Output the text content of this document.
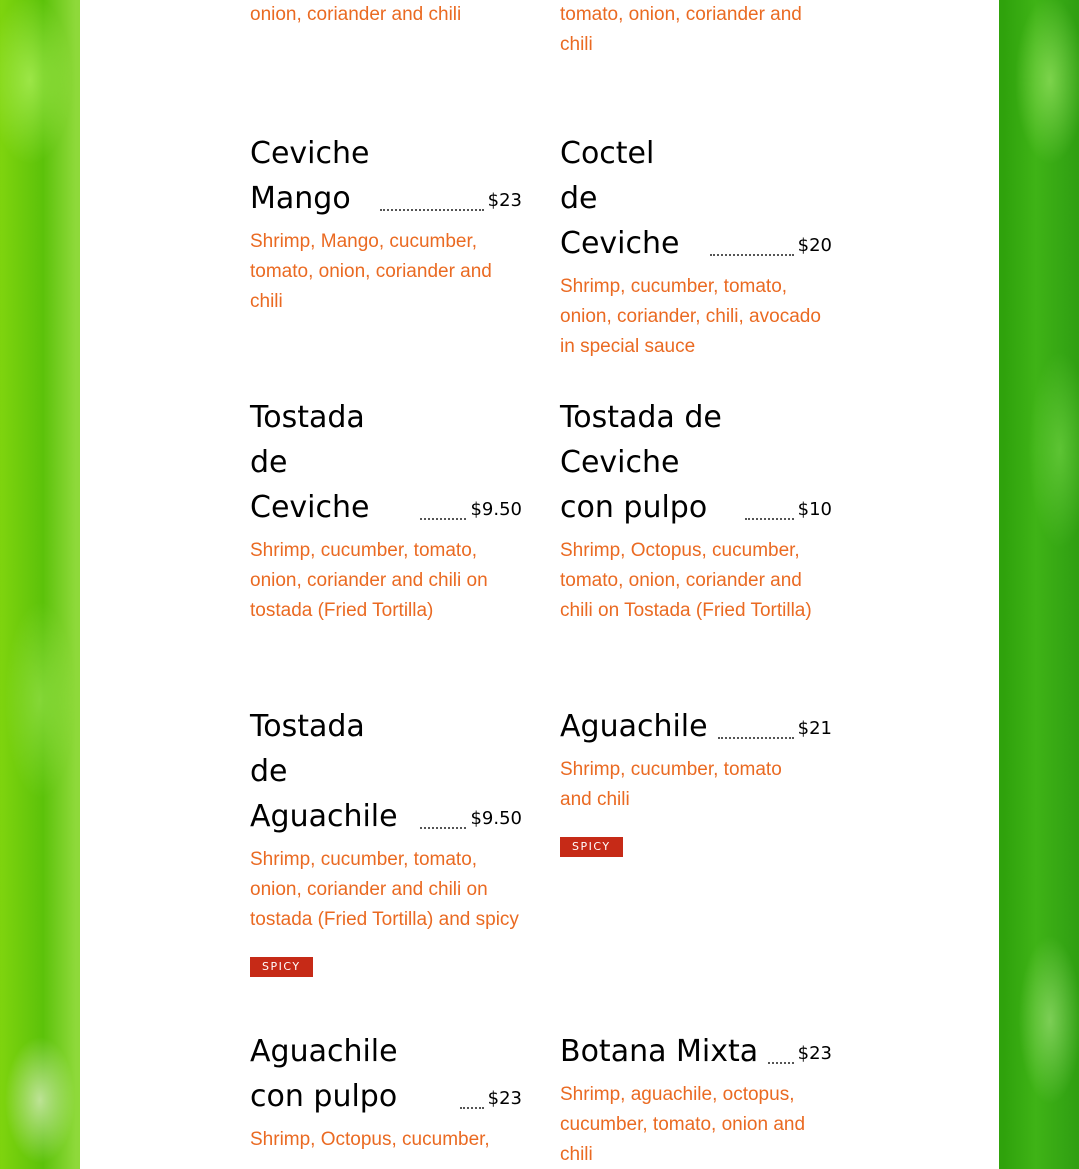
onion, coriander and chili	tomato, onion, coriander and chili
Ceviche Mango	$23
Shrimp, Mango, cucumber, tomato, onion, coriander and chili
Coctel de Ceviche	$20
Shrimp, cucumber, tomato, onion, coriander, chili, avocado in special sauce
Tostada de Ceviche	$9.50
Shrimp, cucumber, tomato, onion, coriander and chili on tostada (Fried Tortilla)
Tostada de Ceviche con pulpo	$10
Shrimp, Octopus, cucumber, tomato, onion, coriander and chili on Tostada (Fried Tortilla)
Tostada de Aguachile	$9.50
Shrimp, cucumber, tomato, onion, coriander and chili on tostada (Fried Tortilla) and spicy
SPICY
Aguachile	$21
Shrimp, cucumber, tomato and chili
SPICY
Aguachile con pulpo	$23
Shrimp, Octopus, cucumber,
Botana Mixta $23
Shrimp, aguachile, octopus, cucumber, tomato, onion and chili
